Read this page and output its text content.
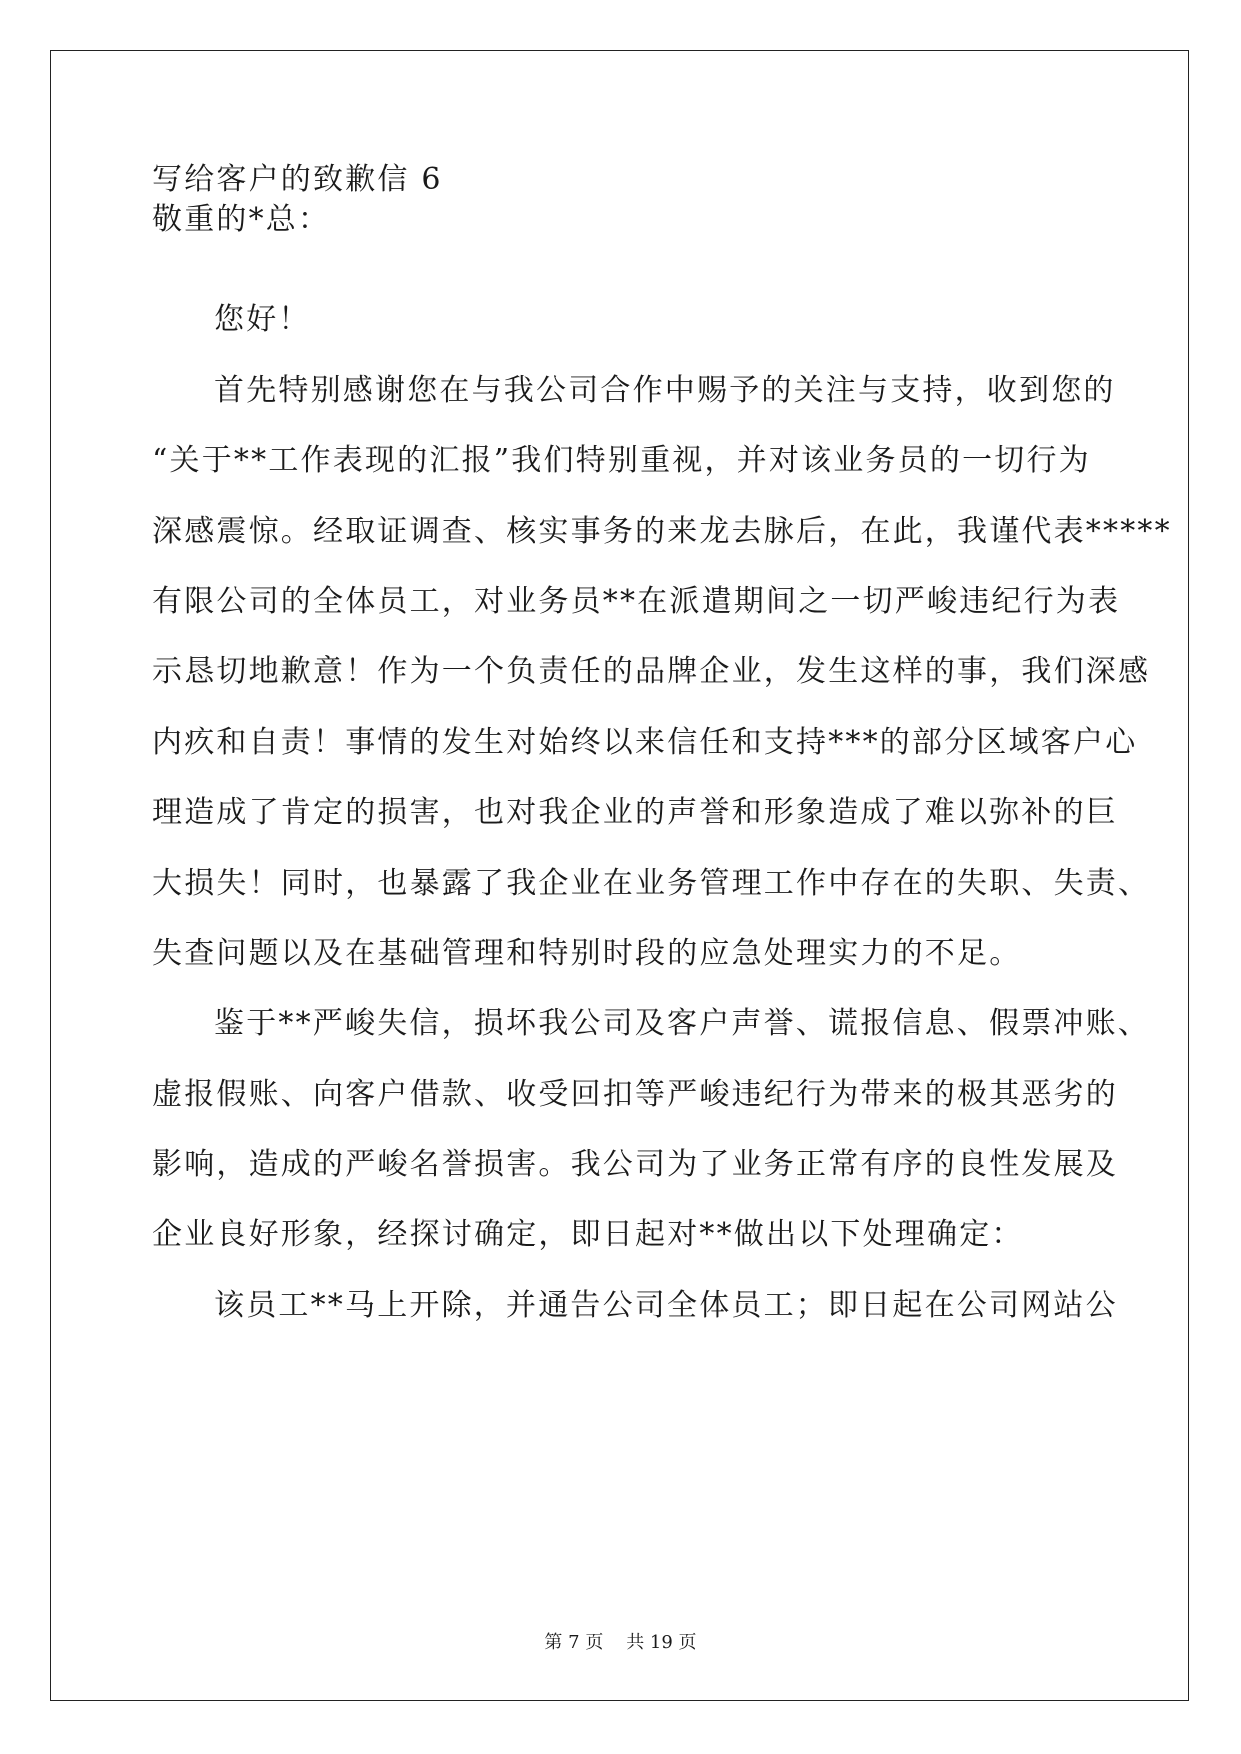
写给客户的致歉信 6
敬重的*总：
您好！
首先特别感谢您在与我公司合作中赐予的关注与支持，收到您的
“关于**工作表现的汇报”我们特别重视，并对该业务员的一切行为
深感震惊。经取证调查、核实事务的来龙去脉后，在此，我谨代表*****
有限公司的全体员工，对业务员**在派遣期间之一切严峻违纪行为表
示恳切地歉意！作为一个负责任的品牌企业，发生这样的事，我们深感
内疚和自责！事情的发生对始终以来信任和支持***的部分区域客户心
理造成了肯定的损害，也对我企业的声誉和形象造成了难以弥补的巨
大损失！同时，也暴露了我企业在业务管理工作中存在的失职、失责、
失查问题以及在基础管理和特别时段的应急处理实力的不足。
鉴于**严峻失信，损坏我公司及客户声誉、谎报信息、假票冲账、
虚报假账、向客户借款、收受回扣等严峻违纪行为带来的极其恶劣的
影响，造成的严峻名誉损害。我公司为了业务正常有序的良性发展及
企业良好形象，经探讨确定，即日起对**做出以下处理确定：
该员工**马上开除，并通告公司全体员工；即日起在公司网站公
第 7 页    共 19 页
